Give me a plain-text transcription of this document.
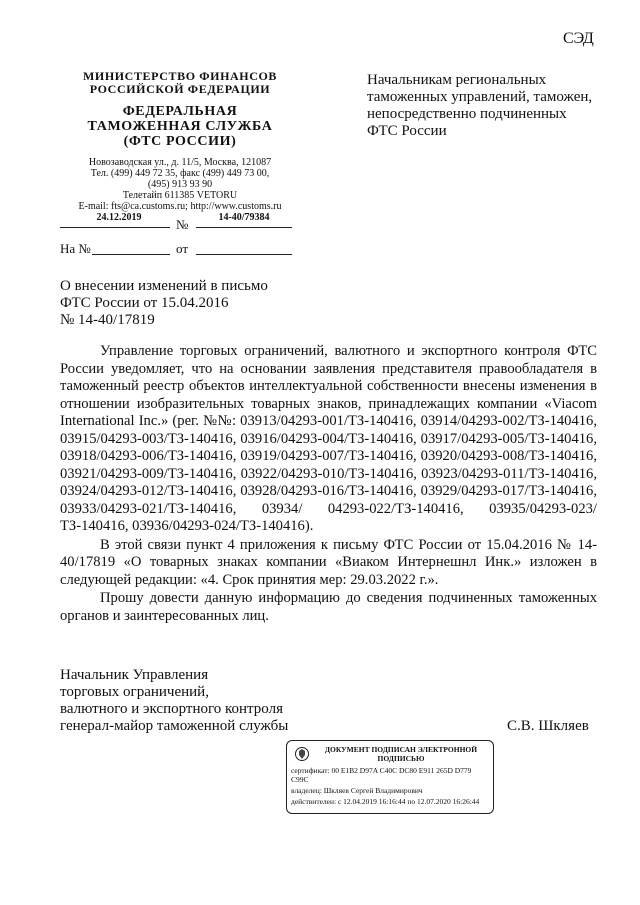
СЭД
МИНИСТЕРСТВО ФИНАНСОВ
РОССИЙСКОЙ ФЕДЕРАЦИИ
ФЕДЕРАЛЬНАЯ
ТАМОЖЕННАЯ СЛУЖБА
(ФТС РОССИИ)
Новозаводская ул., д. 11/5, Москва, 121087
Тел. (499) 449 72 35, факс (499) 449 73 00,
(495) 913 93 90
Телетайп 611385 VETORU
E-mail: fts@ca.customs.ru; http://www.customs.ru
24.12.2019	№	14-40/79384
На №	от
Начальникам региональных таможенных управлений, таможен, непосредственно подчиненных ФТС России
О внесении изменений в письмо
ФТС России от 15.04.2016
№ 14-40/17819

Управление торговых ограничений, валютного и экспортного контроля ФТС России уведомляет, что на основании заявления представителя правообладателя в таможенный реестр объектов интеллектуальной собственности внесены изменения в отношении изобразительных товарных знаков, принадлежащих компании «Viacom International Inc.» (рег. №№: 03913/04293-001/ТЗ-140416, 03914/04293-002/ТЗ-140416, 03915/04293-003/ТЗ-140416, 03916/04293-004/ТЗ-140416, 03917/04293-005/ТЗ-140416, 03918/04293-006/ТЗ-140416, 03919/04293-007/ТЗ-140416, 03920/04293-008/ТЗ-140416, 03921/04293-009/ТЗ-140416, 03922/04293-010/ТЗ-140416, 03923/04293-011/ТЗ-140416, 03924/04293-012/ТЗ-140416, 03928/04293-016/ТЗ-140416, 03929/04293-017/ТЗ-140416, 03933/04293-021/ТЗ-140416, 03934/ 04293-022/ТЗ-140416, 03935/04293-023/ТЗ-140416, 03936/04293-024/ТЗ-140416).

В этой связи пункт 4 приложения к письму ФТС России от 15.04.2016 № 14-40/17819 «О товарных знаках компании «Виаком Интернешнл Инк.» изложен в следующей редакции: «4. Срок принятия мер: 29.03.2022 г.».

Прошу довести данную информацию до сведения подчиненных таможенных органов и заинтересованных лиц.

Начальник Управления
торговых ограничений,
валютного и экспортного контроля
генерал-майор таможенной службы	С.В. Шкляев
ДОКУМЕНТ ПОДПИСАН ЭЛЕКТРОННОЙ
ПОДПИСЬЮ
сертификат: 00 E1B2 D97A C40C DC80 E911 265D D779
C99C
владелец: Шкляев Сергей Владимирович
действителен: с 12.04.2019 16:16:44 по 12.07.2020 16:26:44
